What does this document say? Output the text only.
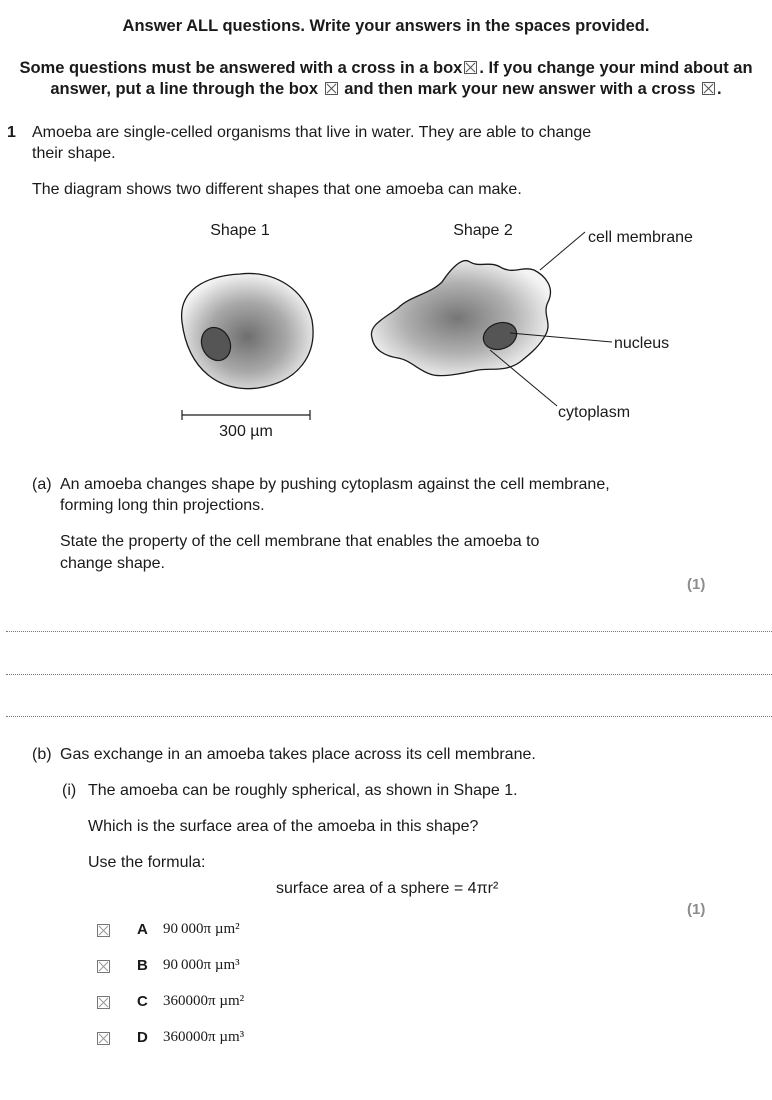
Answer ALL questions. Write your answers in the spaces provided.
Some questions must be answered with a cross in a box ☒ . If you change your mind about an
answer, put a line through the box ☒ and then mark your new answer with a cross ☒ .
1 Amoeba are single-celled organisms that live in water. They are able to change
their shape.
The diagram shows two different shapes that one amoeba can make.
Shape 1	Shape 2
300 µm
cell membrane
nucleus
cytoplasm
(a) An amoeba changes shape by pushing cytoplasm against the cell membrane,
forming long thin projections.
State the property of the cell membrane that enables the amoeba to
change shape.
(1)
(b) Gas exchange in an amoeba takes place across its cell membrane.
(i) The amoeba can be roughly spherical, as shown in Shape 1.
Which is the surface area of the amoeba in this shape?
Use the formula:
surface area of a sphere = 4πr²
(1)
A 90 000π µm²
B 90 000π µm³
C 360000π µm²
D 360000π µm³
